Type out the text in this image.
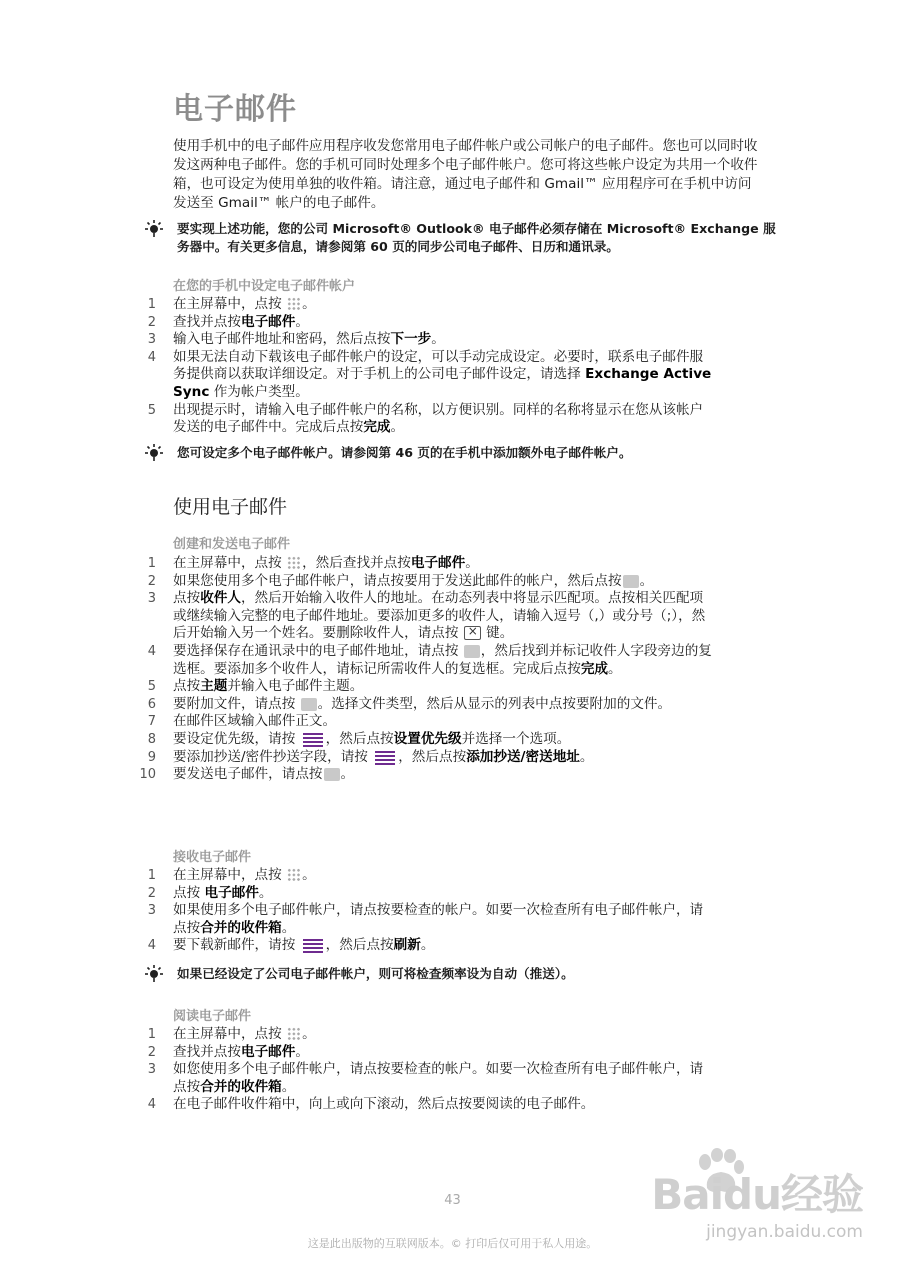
电子邮件
使用手机中的电子邮件应用程序收发您常用电子邮件帐户或公司帐户的电子邮件。您也可以同时收发这两种电子邮件。您的手机可同时处理多个电子邮件帐户。您可将这些帐户设定为共用一个收件箱，也可设定为使用单独的收件箱。请注意，通过电子邮件和 Gmail™ 应用程序可在手机中访问发送至 Gmail™ 帐户的电子邮件。
要实现上述功能，您的公司 Microsoft® Outlook® 电子邮件必须存储在 Microsoft® Exchange 服务器中。有关更多信息，请参阅第 60 页的同步公司电子邮件、日历和通讯录。
在您的手机中设定电子邮件帐户
1 在主屏幕中，点按 。
2 查找并点按电子邮件。
3 输入电子邮件地址和密码，然后点按下一步。
4 如果无法自动下载该电子邮件帐户的设定，可以手动完成设定。必要时，联系电子邮件服务提供商以获取详细设定。对于手机上的公司电子邮件设定，请选择 Exchange Active Sync 作为帐户类型。
5 出现提示时，请输入电子邮件帐户的名称，以方便识别。同样的名称将显示在您从该帐户发送的电子邮件中。完成后点按完成。
您可设定多个电子邮件帐户。请参阅第 46 页的在手机中添加额外电子邮件帐户。
使用电子邮件
创建和发送电子邮件
1 在主屏幕中，点按 ，然后查找并点按电子邮件。
2 如果您使用多个电子邮件帐户，请点按要用于发送此邮件的帐户，然后点按 。
3 点按收件人，然后开始输入收件人的地址。在动态列表中将显示匹配项。点按相关匹配项或继续输入完整的电子邮件地址。要添加更多的收件人，请输入逗号（,）或分号（;），然后开始输入另一个姓名。要删除收件人，请点按 × 键。
4 要选择保存在通讯录中的电子邮件地址，请点按 ，然后找到并标记收件人字段旁边的复选框。要添加多个收件人，请标记所需收件人的复选框。完成后点按完成。
5 点按主题并输入电子邮件主题。
6 要附加文件，请点按 。选择文件类型，然后从显示的列表中点按要附加的文件。
7 在邮件区域输入邮件正文。
8 要设定优先级，请按
，然后点按设置优先级并选择一个选项。
9 要添加抄送/密件抄送字段，请按
，然后点按添加抄送/密送地址。
10 要发送电子邮件，请点按 。
接收电子邮件
1 在主屏幕中，点按 。
2 点按 电子邮件。
3 如果使用多个电子邮件帐户，请点按要检查的帐户。如要一次检查所有电子邮件帐户，请点按合并的收件箱。
4 要下载新邮件，请按
，然后点按刷新。
如果已经设定了公司电子邮件帐户，则可将检查频率设为自动（推送）。
阅读电子邮件
1 在主屏幕中，点按 。
2 查找并点按电子邮件。
3 如您使用多个电子邮件帐户，请点按要检查的帐户。如要一次检查所有电子邮件帐户，请点按合并的收件箱。
4 在电子邮件收件箱中，向上或向下滚动，然后点按要阅读的电子邮件。
43	Baidu经验
jingyan.baidu.com
这是此出版物的互联网版本。© 打印后仅可用于私人用途。
